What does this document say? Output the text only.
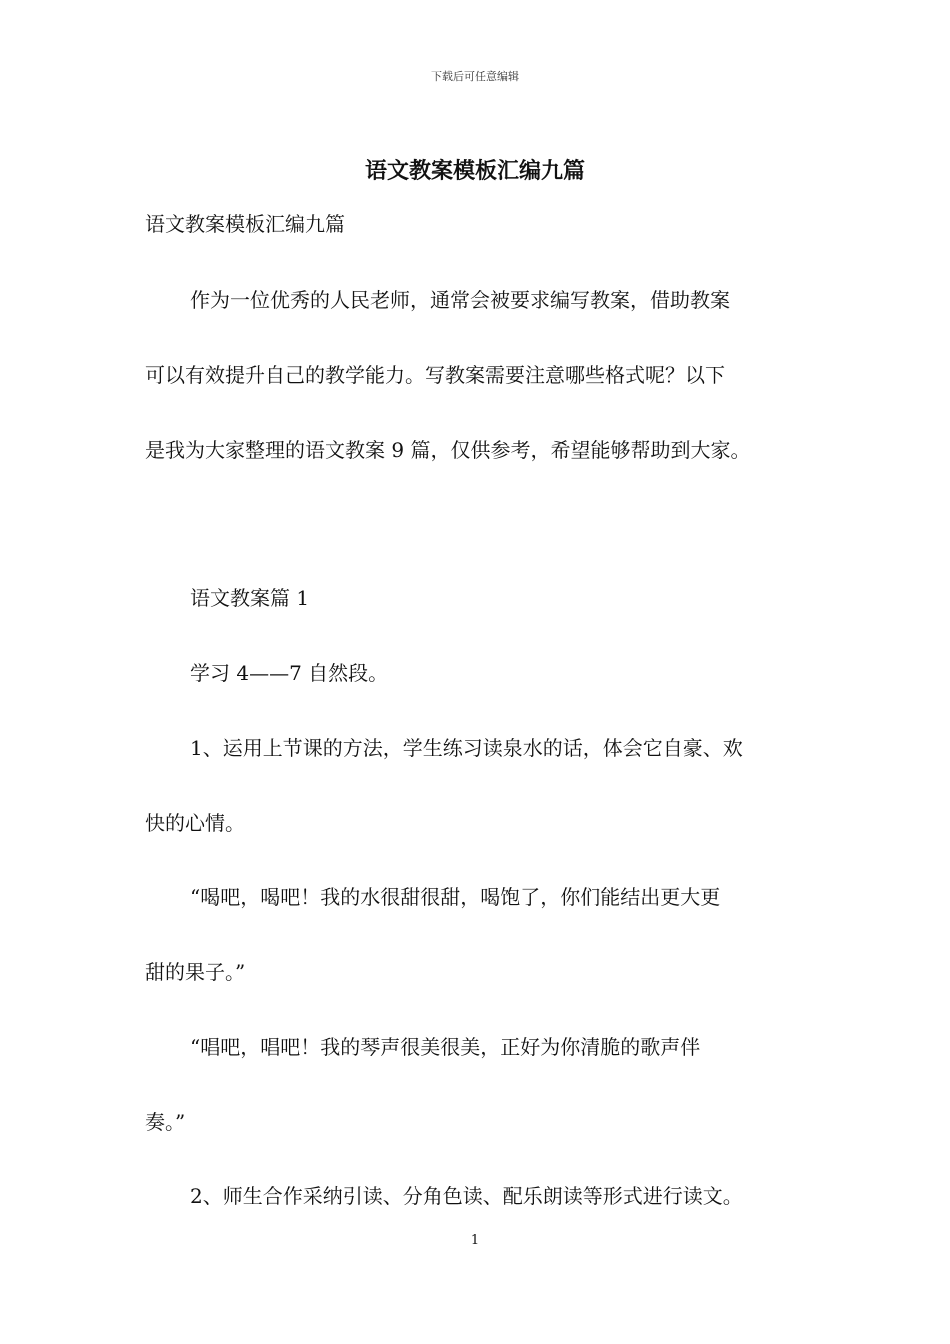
下载后可任意编辑
语文教案模板汇编九篇
语文教案模板汇编九篇
作为一位优秀的人民老师，通常会被要求编写教案，借助教案
可以有效提升自己的教学能力。写教案需要注意哪些格式呢？以下
是我为大家整理的语文教案 9 篇，仅供参考，希望能够帮助到大家。
语文教案篇 1
学习 4——7 自然段。
1、运用上节课的方法，学生练习读泉水的话，体会它自豪、欢
快的心情。
“喝吧，喝吧！我的水很甜很甜，喝饱了，你们能结出更大更
甜的果子。”
“唱吧，唱吧！我的琴声很美很美，正好为你清脆的歌声伴
奏。”
2、师生合作采纳引读、分角色读、配乐朗读等形式进行读文。
1
